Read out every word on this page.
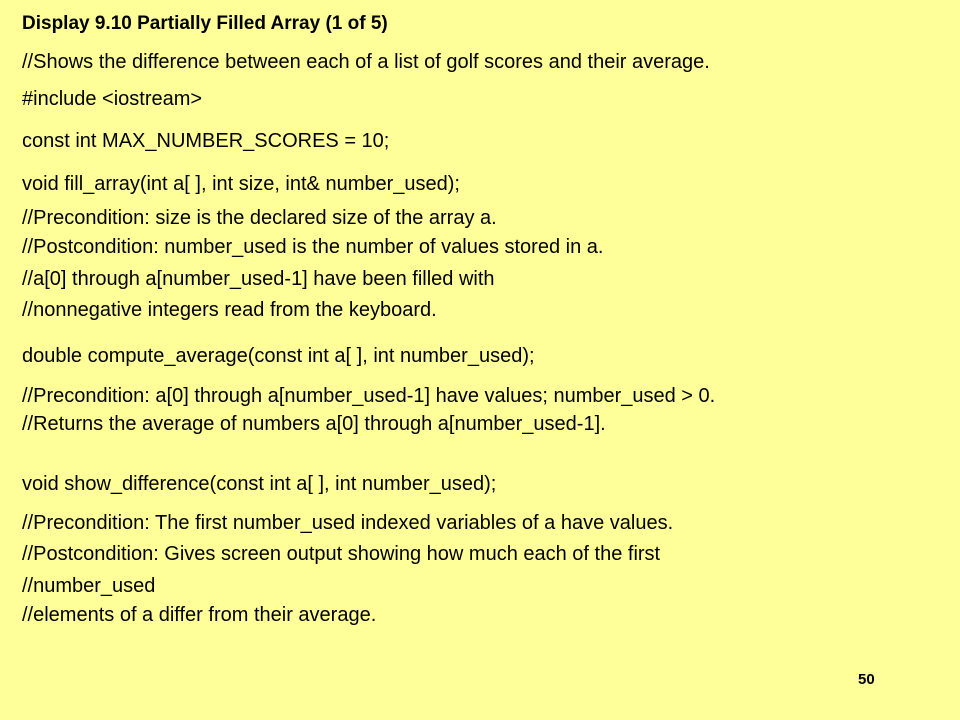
Display 9.10 Partially Filled Array (1 of 5)
//Shows the difference between each of a list of golf scores and their average.
#include <iostream>
const int MAX_NUMBER_SCORES = 10;
void fill_array(int a[ ], int size, int& number_used);
//Precondition: size is the declared size of the array a.
//Postcondition: number_used is the number of values stored in a.
//a[0] through a[number_used-1] have been filled with
//nonnegative integers read from the keyboard.
double compute_average(const int a[ ], int number_used);
//Precondition: a[0] through a[number_used-1] have values; number_used > 0.
//Returns the average of numbers a[0] through a[number_used-1].
void show_difference(const int a[ ], int number_used);
//Precondition: The first number_used indexed variables of a have values.
//Postcondition: Gives screen output showing how much each of the first
//number_used
//elements of a differ from their average.
50
